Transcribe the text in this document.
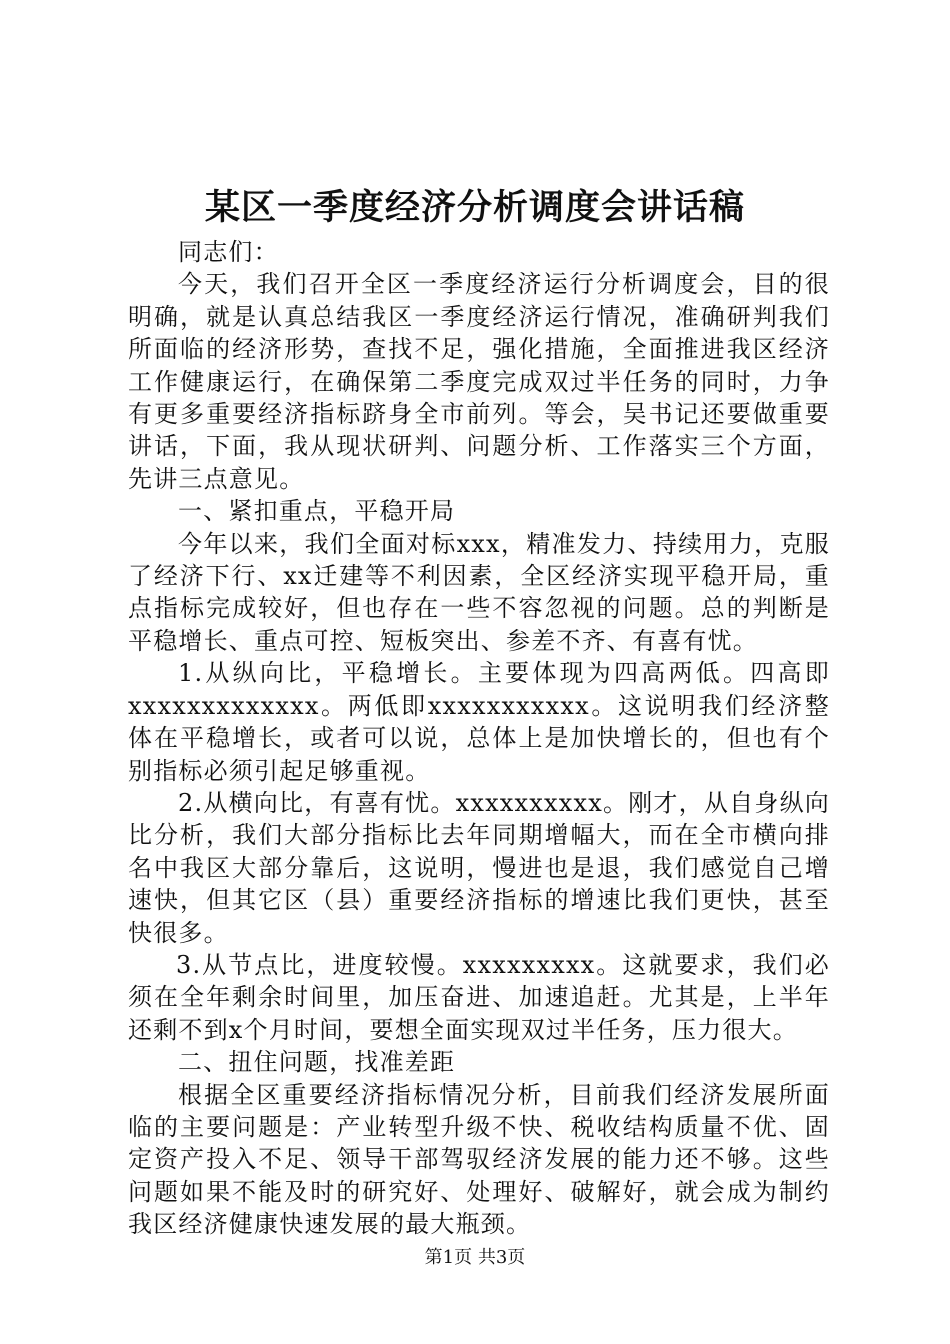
某区一季度经济分析调度会讲话稿

同志们：

今天，我们召开全区一季度经济运行分析调度会，目的很明确，就是认真总结我区一季度经济运行情况，准确研判我们所面临的经济形势，查找不足，强化措施，全面推进我区经济工作健康运行，在确保第二季度完成双过半任务的同时，力争有更多重要经济指标跻身全市前列。等会，吴书记还要做重要讲话，下面，我从现状研判、问题分析、工作落实三个方面，先讲三点意见。

一、紧扣重点，平稳开局

今年以来，我们全面对标xxx，精准发力、持续用力，克服了经济下行、xx迁建等不利因素，全区经济实现平稳开局，重点指标完成较好，但也存在一些不容忽视的问题。总的判断是平稳增长、重点可控、短板突出、参差不齐、有喜有忧。

1.从纵向比，平稳增长。主要体现为四高两低。四高即xxxxxxxxxxxxx。两低即xxxxxxxxxxx。这说明我们经济整体在平稳增长，或者可以说，总体上是加快增长的，但也有个别指标必须引起足够重视。

2.从横向比，有喜有忧。xxxxxxxxxx。刚才，从自身纵向比分析，我们大部分指标比去年同期增幅大，而在全市横向排名中我区大部分靠后，这说明，慢进也是退，我们感觉自己增速快，但其它区（县）重要经济指标的增速比我们更快，甚至快很多。

3.从节点比，进度较慢。xxxxxxxxx。这就要求，我们必须在全年剩余时间里，加压奋进、加速追赶。尤其是，上半年还剩不到x个月时间，要想全面实现双过半任务，压力很大。

二、扭住问题，找准差距

根据全区重要经济指标情况分析，目前我们经济发展所面临的主要问题是：产业转型升级不快、税收结构质量不优、固定资产投入不足、领导干部驾驭经济发展的能力还不够。这些问题如果不能及时的研究好、处理好、破解好，就会成为制约我区经济健康快速发展的最大瓶颈。

第1页 共3页
